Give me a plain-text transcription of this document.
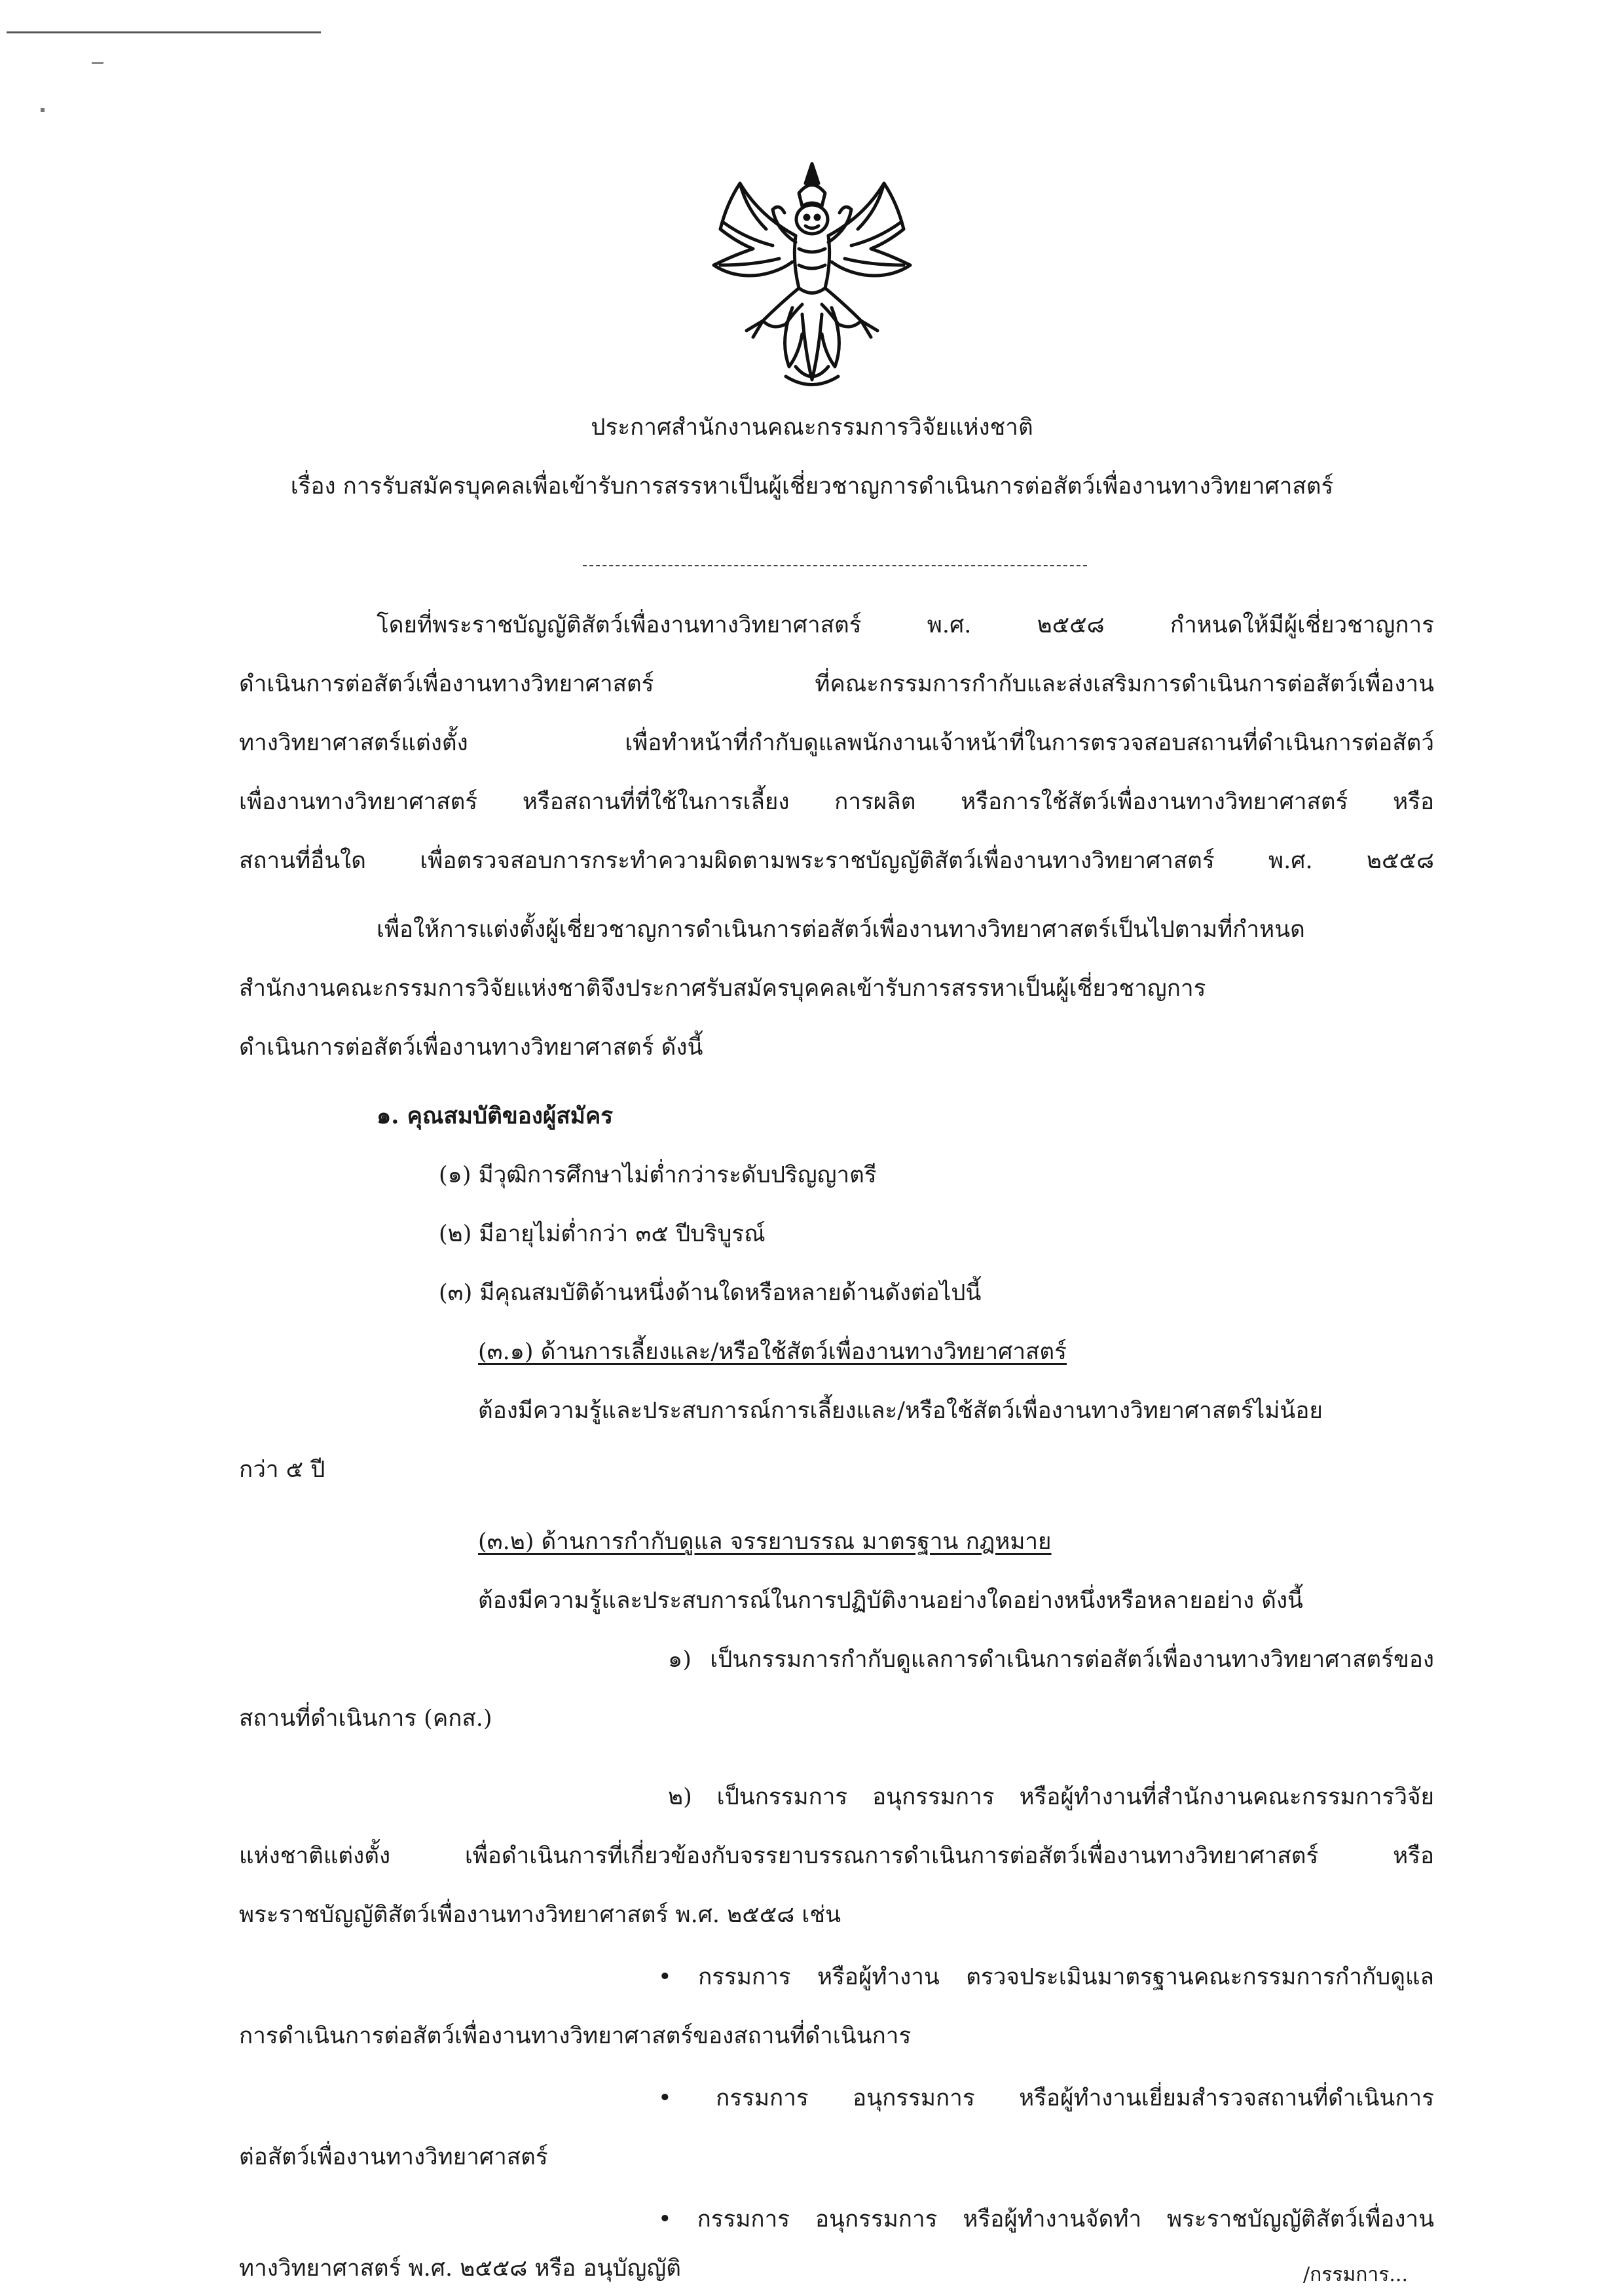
ประกาศสำนักงานคณะกรรมการวิจัยแห่งชาติ
เรื่อง การรับสมัครบุคคลเพื่อเข้ารับการสรรหาเป็นผู้เชี่ยวชาญการดำเนินการต่อสัตว์เพื่องานทางวิทยาศาสตร์
โดยที่พระราชบัญญัติสัตว์เพื่องานทางวิทยาศาสตร์ พ.ศ. ๒๕๕๘ กำหนดให้มีผู้เชี่ยวชาญการ
ดำเนินการต่อสัตว์เพื่องานทางวิทยาศาสตร์ ที่คณะกรรมการกำกับและส่งเสริมการดำเนินการต่อสัตว์เพื่องาน
ทางวิทยาศาสตร์แต่งตั้ง เพื่อทำหน้าที่กำกับดูแลพนักงานเจ้าหน้าที่ในการตรวจสอบสถานที่ดำเนินการต่อสัตว์
เพื่องานทางวิทยาศาสตร์ หรือสถานที่ที่ใช้ในการเลี้ยง การผลิต หรือการใช้สัตว์เพื่องานทางวิทยาศาสตร์ หรือ
สถานที่อื่นใด เพื่อตรวจสอบการกระทำความผิดตามพระราชบัญญัติสัตว์เพื่องานทางวิทยาศาสตร์ พ.ศ. ๒๕๕๘
เพื่อให้การแต่งตั้งผู้เชี่ยวชาญการดำเนินการต่อสัตว์เพื่องานทางวิทยาศาสตร์เป็นไปตามที่กำหนด
สำนักงานคณะกรรมการวิจัยแห่งชาติจึงประกาศรับสมัครบุคคลเข้ารับการสรรหาเป็นผู้เชี่ยวชาญการ
ดำเนินการต่อสัตว์เพื่องานทางวิทยาศาสตร์ ดังนี้
๑. คุณสมบัติของผู้สมัคร
(๑) มีวุฒิการศึกษาไม่ต่ำกว่าระดับปริญญาตรี
(๒) มีอายุไม่ต่ำกว่า ๓๕ ปีบริบูรณ์
(๓) มีคุณสมบัติด้านหนึ่งด้านใดหรือหลายด้านดังต่อไปนี้
(๓.๑) ด้านการเลี้ยงและ/หรือใช้สัตว์เพื่องานทางวิทยาศาสตร์
ต้องมีความรู้และประสบการณ์การเลี้ยงและ/หรือใช้สัตว์เพื่องานทางวิทยาศาสตร์ไม่น้อย
กว่า ๕ ปี
(๓.๒) ด้านการกำกับดูแล จรรยาบรรณ มาตรฐาน กฎหมาย
ต้องมีความรู้และประสบการณ์ในการปฏิบัติงานอย่างใดอย่างหนึ่งหรือหลายอย่าง ดังนี้
๑) เป็นกรรมการกำกับดูแลการดำเนินการต่อสัตว์เพื่องานทางวิทยาศาสตร์ของ
สถานที่ดำเนินการ (คกส.)
๒) เป็นกรรมการ อนุกรรมการ หรือผู้ทำงานที่สำนักงานคณะกรรมการวิจัย
แห่งชาติแต่งตั้ง เพื่อดำเนินการที่เกี่ยวข้องกับจรรยาบรรณการดำเนินการต่อสัตว์เพื่องานทางวิทยาศาสตร์ หรือ
พระราชบัญญัติสัตว์เพื่องานทางวิทยาศาสตร์ พ.ศ. ๒๕๕๘ เช่น
• กรรมการ หรือผู้ทำงาน ตรวจประเมินมาตรฐานคณะกรรมการกำกับดูแล
การดำเนินการต่อสัตว์เพื่องานทางวิทยาศาสตร์ของสถานที่ดำเนินการ
• กรรมการ อนุกรรมการ หรือผู้ทำงานเยี่ยมสำรวจสถานที่ดำเนินการ
ต่อสัตว์เพื่องานทางวิทยาศาสตร์
• กรรมการ อนุกรรมการ หรือผู้ทำงานจัดทำ พระราชบัญญัติสัตว์เพื่องาน
ทางวิทยาศาสตร์ พ.ศ. ๒๕๕๘ หรือ อนุบัญญัติ	/กรรมการ...
